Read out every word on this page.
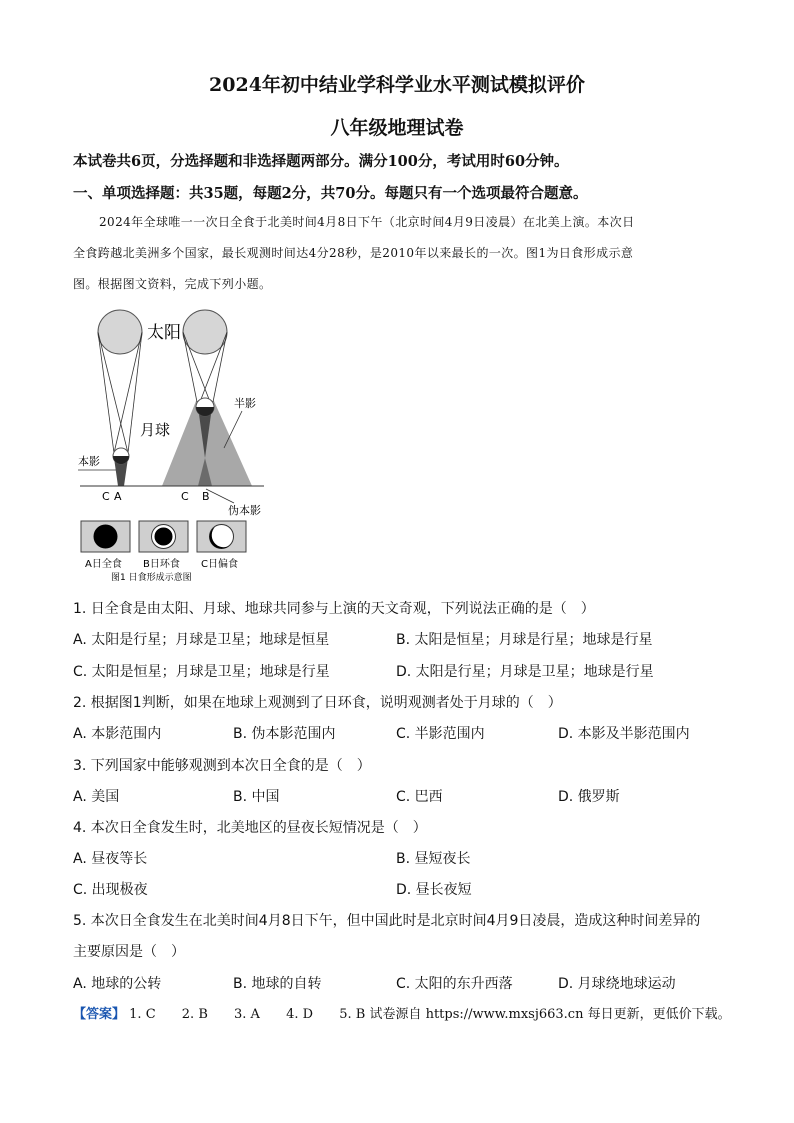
2024年初中结业学科学业水平测试模拟评价
八年级地理试卷
本试卷共6页，分选择题和非选择题两部分。满分100分，考试用时60分钟。
一、单项选择题：共35题，每题2分，共70分。每题只有一个选项最符合题意。
2024年全球唯一一次日全食于北美时间4月8日下午（北京时间4月9日凌晨）在北美上演。本次日
全食跨越北美洲多个国家，最长观测时间达4分28秒，是2010年以来最长的一次。图1为日食形成示意
图。根据图文资料，完成下列小题。
太阳
月球
本影
半影
C A	C B
伪本影
A日全食 B日环食 C日偏食
图1 日食形成示意图
1. 日全食是由太阳、月球、地球共同参与上演的天文奇观，下列说法正确的是（　）
A. 太阳是行星；月球是卫星；地球是恒星	B. 太阳是恒星；月球是行星；地球是行星
C. 太阳是恒星；月球是卫星；地球是行星	D. 太阳是行星；月球是卫星；地球是行星
2. 根据图1判断，如果在地球上观测到了日环食，说明观测者处于月球的（　）
A. 本影范围内	B. 伪本影范围内	C. 半影范围内	D. 本影及半影范围内
3. 下列国家中能够观测到本次日全食的是（　）
A. 美国	B. 中国	C. 巴西	D. 俄罗斯
4. 本次日全食发生时，北美地区的昼夜长短情况是（　）
A. 昼夜等长	B. 昼短夜长
C. 出现极夜	D. 昼长夜短
5. 本次日全食发生在北美时间4月8日下午，但中国此时是北京时间4月9日凌晨，造成这种时间差异的
主要原因是（　）
A. 地球的公转	B. 地球的自转	C. 太阳的东升西落	D. 月球绕地球运动
【答案】 1. C 2. B 3. A 4. D 5. B 试卷源自 https://www.mxsj663.cn 每日更新，更低价下载。
